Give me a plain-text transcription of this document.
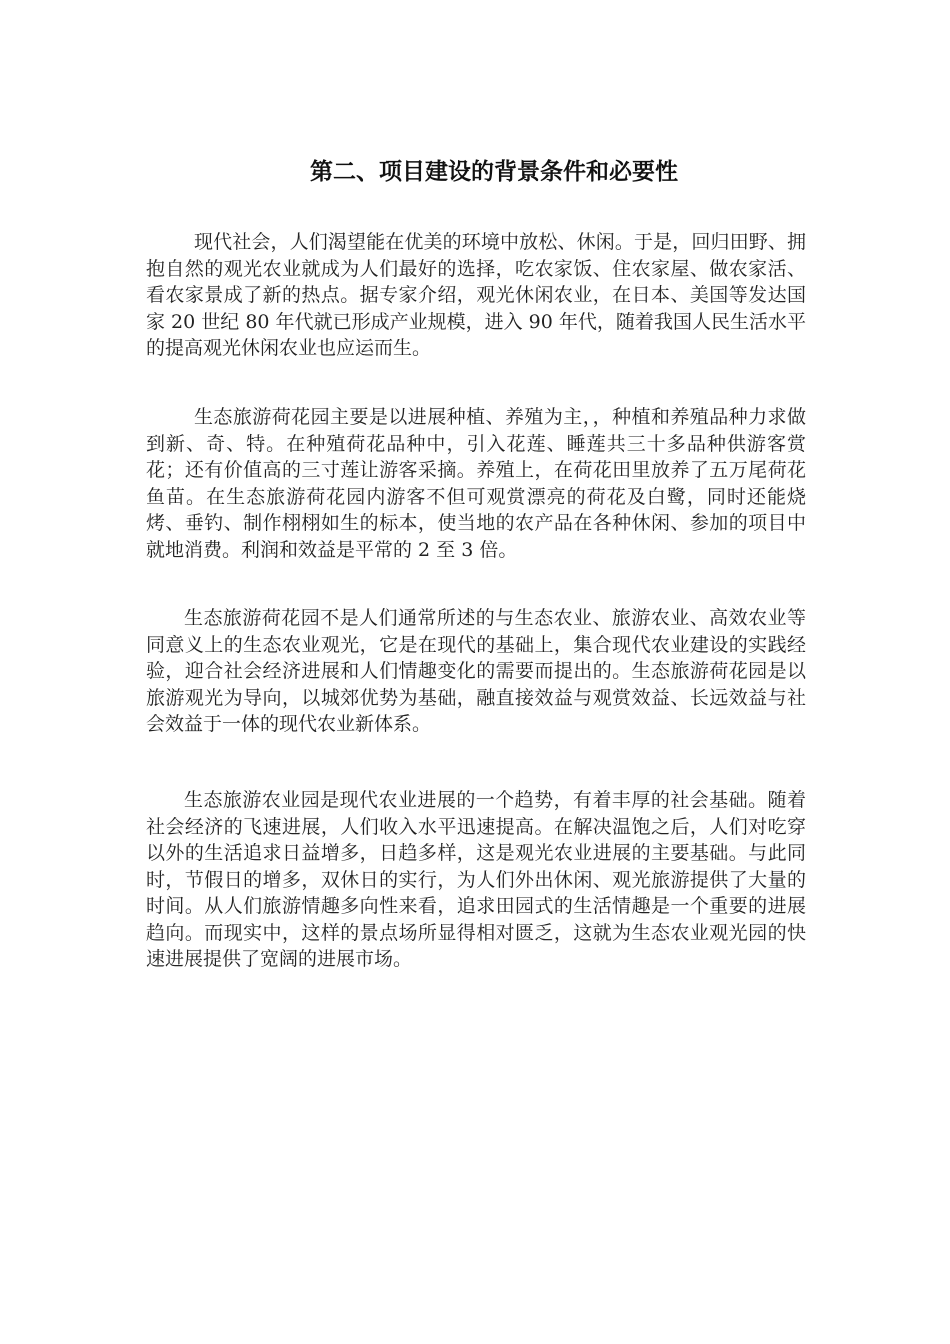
第二、项目建设的背景条件和必要性

现代社会，人们渴望能在优美的环境中放松、休闲。于是，回归田野、拥抱自然的观光农业就成为人们最好的选择，吃农家饭、住农家屋、做农家活、看农家景成了新的热点。据专家介绍，观光休闲农业，在日本、美国等发达国家 20 世纪 80 年代就已形成产业规模，进入 90 年代，随着我国人民生活水平的提高观光休闲农业也应运而生。

生态旅游荷花园主要是以进展种植、养殖为主，，种植和养殖品种力求做到新、奇、特。在种殖荷花品种中，引入花莲、睡莲共三十多品种供游客赏花；还有价值高的三寸莲让游客采摘。养殖上，在荷花田里放养了五万尾荷花鱼苗。在生态旅游荷花园内游客不但可观赏漂亮的荷花及白鹭，同时还能烧烤、垂钓、制作栩栩如生的标本，使当地的农产品在各种休闲、参加的项目中就地消费。利润和效益是平常的 2 至 3 倍。

生态旅游荷花园不是人们通常所述的与生态农业、旅游农业、高效农业等同意义上的生态农业观光，它是在现代的基础上，集合现代农业建设的实践经验，迎合社会经济进展和人们情趣变化的需要而提出的。生态旅游荷花园是以旅游观光为导向，以城郊优势为基础，融直接效益与观赏效益、长远效益与社会效益于一体的现代农业新体系。

生态旅游农业园是现代农业进展的一个趋势，有着丰厚的社会基础。随着社会经济的飞速进展，人们收入水平迅速提高。在解决温饱之后，人们对吃穿以外的生活追求日益增多，日趋多样，这是观光农业进展的主要基础。与此同时，节假日的增多，双休日的实行，为人们外出休闲、观光旅游提供了大量的时间。从人们旅游情趣多向性来看，追求田园式的生活情趣是一个重要的进展趋向。而现实中，这样的景点场所显得相对匮乏，这就为生态农业观光园的快速进展提供了宽阔的进展市场。
